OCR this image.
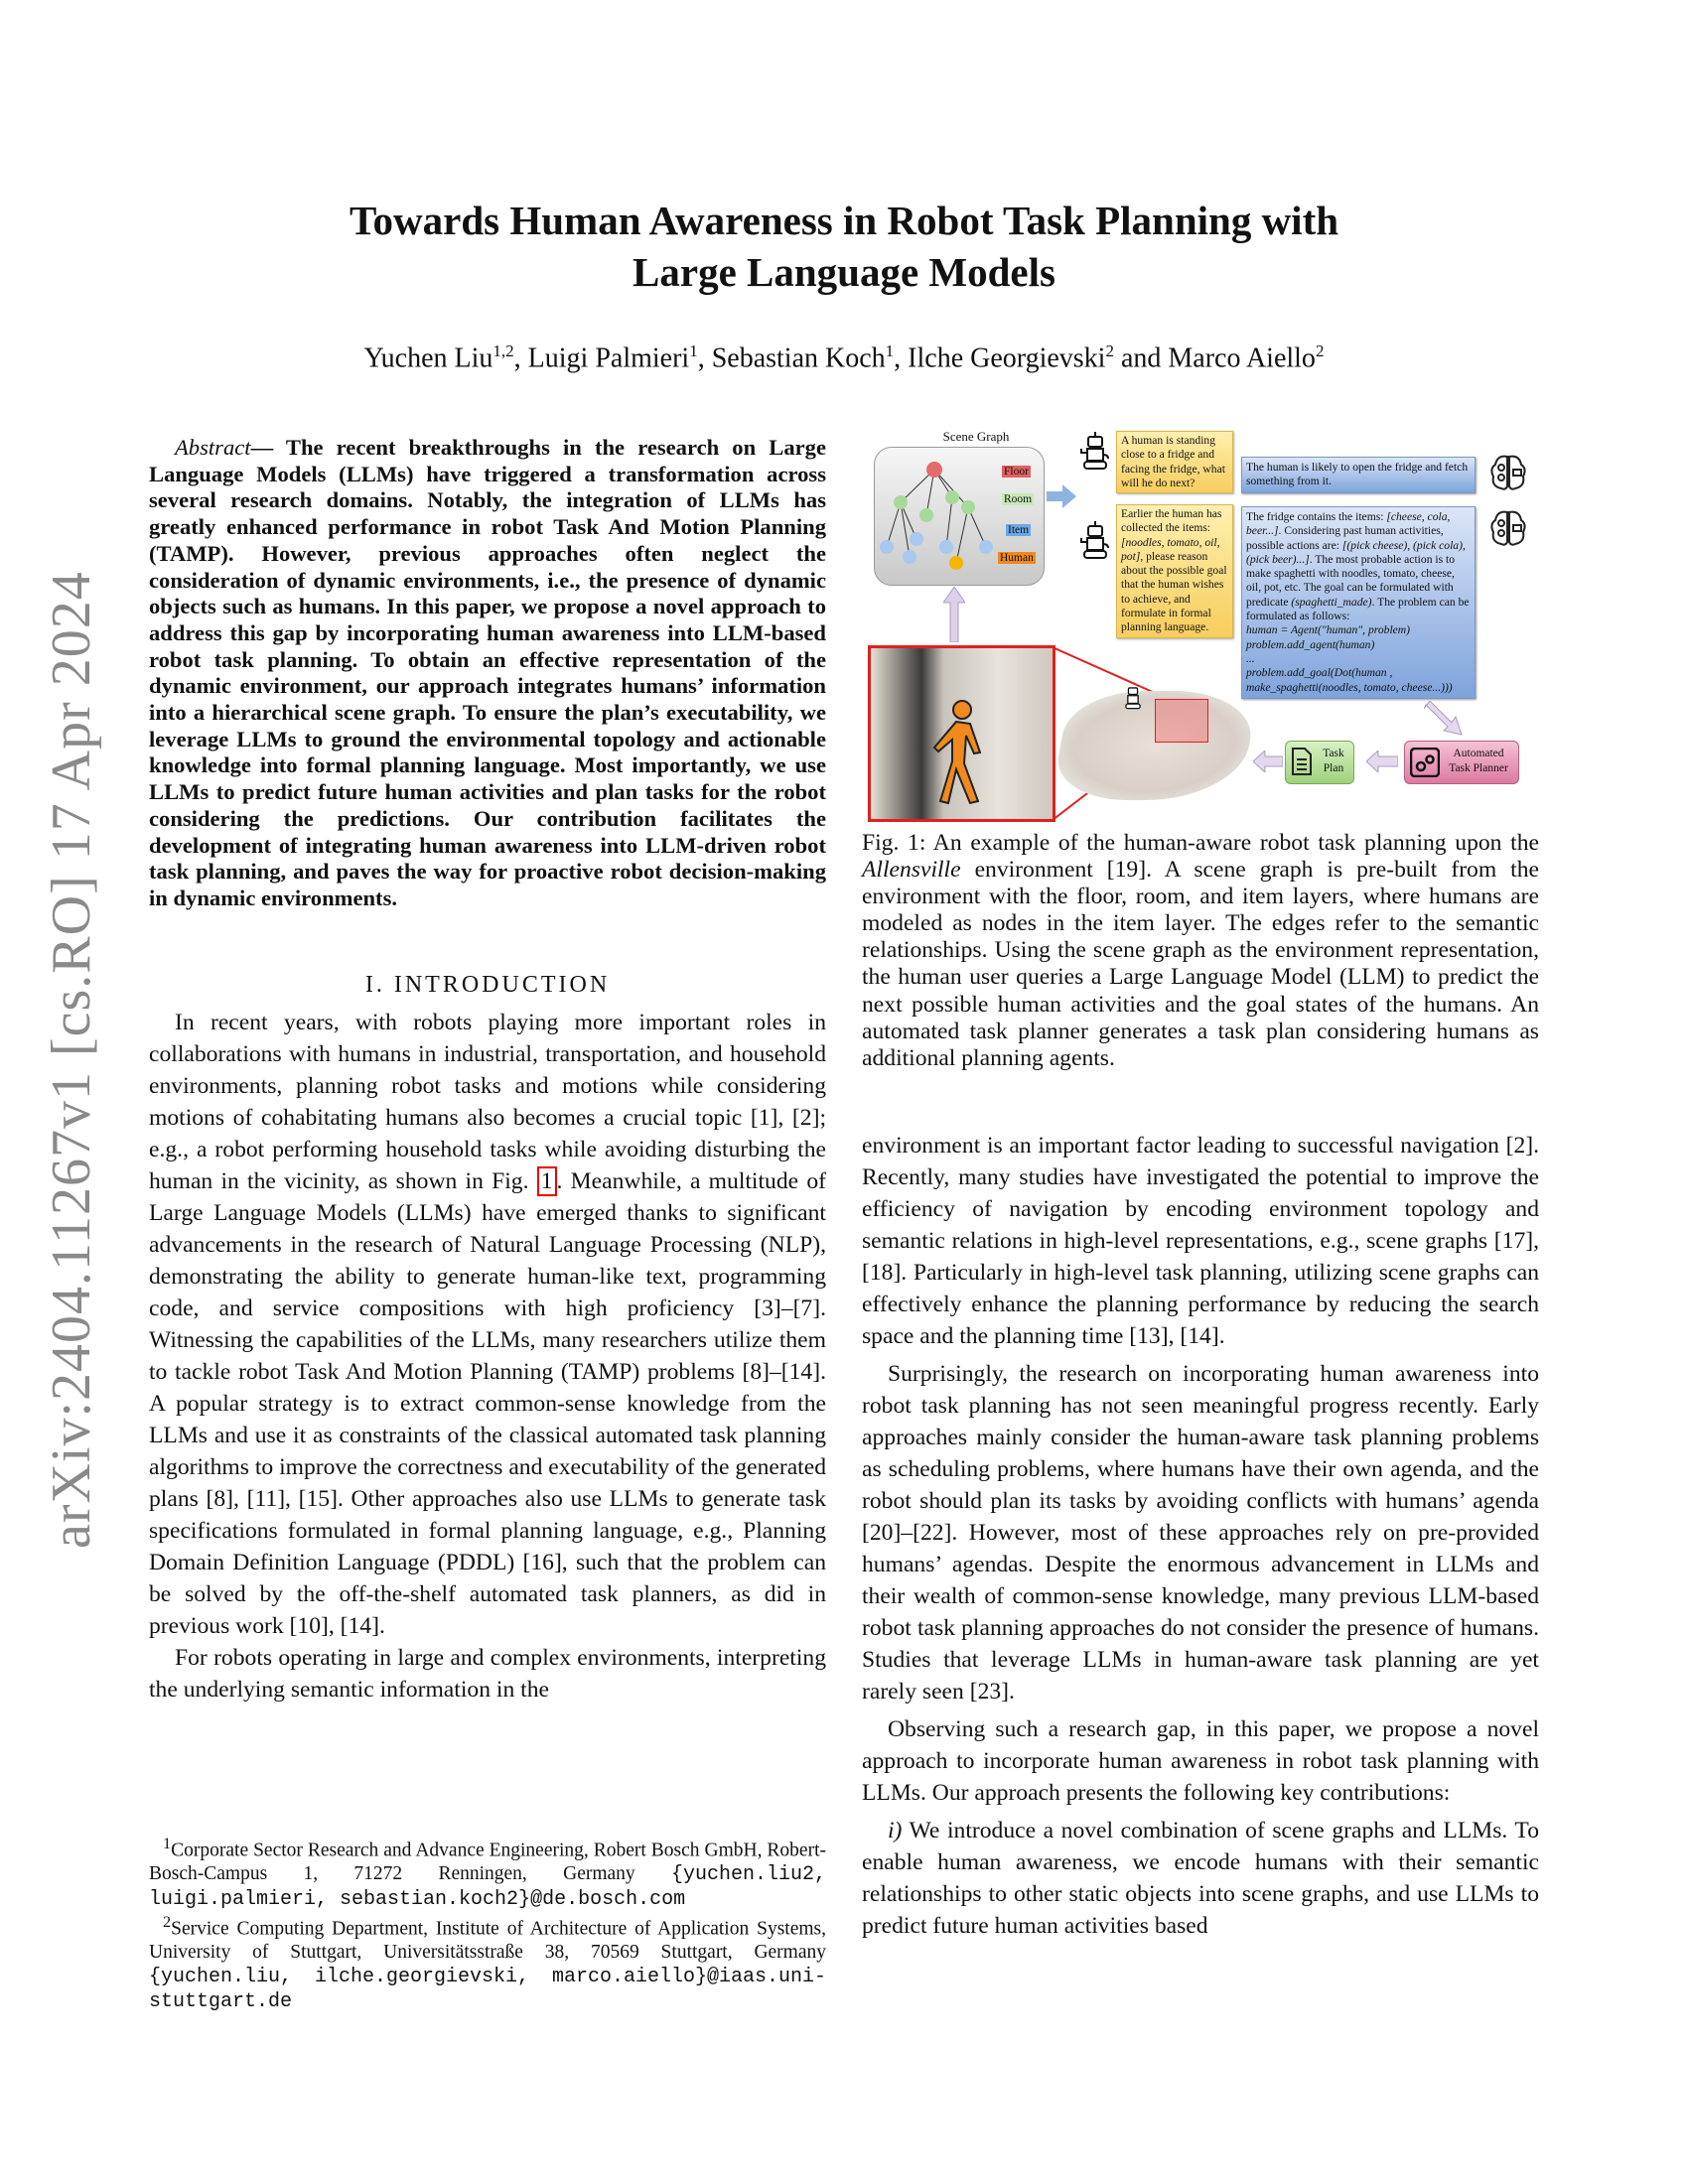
arXiv:2404.11267v1 [cs.RO] 17 Apr 2024
Towards Human Awareness in Robot Task Planning with
Large Language Models
Yuchen Liu$^{1,2}$, Luigi Palmieri$^1$, Sebastian Koch$^1$, Ilche Georgievski$^2$ and Marco Aiello$^2$

Abstract— The recent breakthroughs in the research on Large Language Models (LLMs) have triggered a transformation across several research domains. Notably, the integration of LLMs has greatly enhanced performance in robot Task And Motion Planning (TAMP). However, previous approaches often neglect the consideration of dynamic environments, i.e., the presence of dynamic objects such as humans. In this paper, we propose a novel approach to address this gap by incorporating human awareness into LLM-based robot task planning. To obtain an effective representation of the dynamic environment, our approach integrates humans’ information into a hierarchical scene graph. To ensure the plan’s executability, we leverage LLMs to ground the environmental topology and actionable knowledge into formal planning language. Most importantly, we use LLMs to predict future human activities and plan tasks for the robot considering the predictions. Our contribution facilitates the development of integrating human awareness into LLM-driven robot task planning, and paves the way for proactive robot decision-making in dynamic environments.

I. INTRODUCTION

In recent years, with robots playing more important roles in collaborations with humans in industrial, transportation, and household environments, planning robot tasks and motions while considering motions of cohabitating humans also becomes a crucial topic [1], [2]; e.g., a robot performing household tasks while avoiding disturbing the human in the vicinity, as shown in Fig. 1 . Meanwhile, a multitude of Large Language Models (LLMs) have emerged thanks to significant advancements in the research of Natural Language Processing (NLP), demonstrating the ability to generate human-like text, programming code, and service compositions with high proficiency [3]–[7]. Witnessing the capabilities of the LLMs, many researchers utilize them to tackle robot Task And Motion Planning (TAMP) problems [8]–[14]. A popular strategy is to extract common-sense knowledge from the LLMs and use it as constraints of the classical automated task planning algorithms to improve the correctness and executability of the generated plans [8], [11], [15]. Other approaches also use LLMs to generate task specifications formulated in formal planning language, e.g., Planning Domain Definition Language (PDDL) [16], such that the problem can be solved by the off-the-shelf automated task planners, as did in previous work [10], [14].

For robots operating in large and complex environments, interpreting the underlying semantic information in the

$^1$Corporate Sector Research and Advance Engineering, Robert Bosch GmbH, Robert-Bosch-Campus 1, 71272 Renningen, Germany {yuchen.liu2, luigi.palmieri, sebastian.koch2}@de.bosch.com

$^2$Service Computing Department, Institute of Architecture of Application Systems, University of Stuttgart, Universitätsstraße 38, 70569 Stuttgart, Germany {yuchen.liu, ilche.georgievski, marco.aiello}@iaas.uni-stuttgart.de

Scene Graph
Floor
Room
Item
Human
A human is standing close to a fridge and facing the fridge, what will he do next?
Earlier the human has collected the items: [noodles, tomato, oil, pot], please reason about the possible goal that the human wishes to achieve, and formulate in formal planning language.
The human is likely to open the fridge and fetch something from it.
The fridge contains the items: [cheese, cola, beer...]. Considering past human activities, possible actions are: [(pick cheese), (pick cola), (pick beer)...]. The most probable action is to make spaghetti with noodles, tomato, cheese, oil, pot, etc. The goal can be formulated with predicate (spaghetti_made). The problem can be formulated as follows:
human = Agent("human", problem)
problem.add_agent(human)
...
problem.add_goal(Dot(human ,
make_spaghetti(noodles, tomato, cheese...)))
Task Plan
Automated Task Planner
Fig. 1: An example of the human-aware robot task planning upon the Allensville environment [19]. A scene graph is pre-built from the environment with the floor, room, and item layers, where humans are modeled as nodes in the item layer. The edges refer to the semantic relationships. Using the scene graph as the environment representation, the human user queries a Large Language Model (LLM) to predict the next possible human activities and the goal states of the humans. An automated task planner generates a task plan considering humans as additional planning agents.

environment is an important factor leading to successful navigation [2]. Recently, many studies have investigated the potential to improve the efficiency of navigation by encoding environment topology and semantic relations in high-level representations, e.g., scene graphs [17], [18]. Particularly in high-level task planning, utilizing scene graphs can effectively enhance the planning performance by reducing the search space and the planning time [13], [14].

Surprisingly, the research on incorporating human awareness into robot task planning has not seen meaningful progress recently. Early approaches mainly consider the human-aware task planning problems as scheduling problems, where humans have their own agenda, and the robot should plan its tasks by avoiding conflicts with humans’ agenda [20]–[22]. However, most of these approaches rely on pre-provided humans’ agendas. Despite the enormous advancement in LLMs and their wealth of common-sense knowledge, many previous LLM-based robot task planning approaches do not consider the presence of humans. Studies that leverage LLMs in human-aware task planning are yet rarely seen [23].

Observing such a research gap, in this paper, we propose a novel approach to incorporate human awareness in robot task planning with LLMs. Our approach presents the following key contributions:

i) We introduce a novel combination of scene graphs and LLMs. To enable human awareness, we encode humans with their semantic relationships to other static objects into scene graphs, and use LLMs to predict future human activities based
